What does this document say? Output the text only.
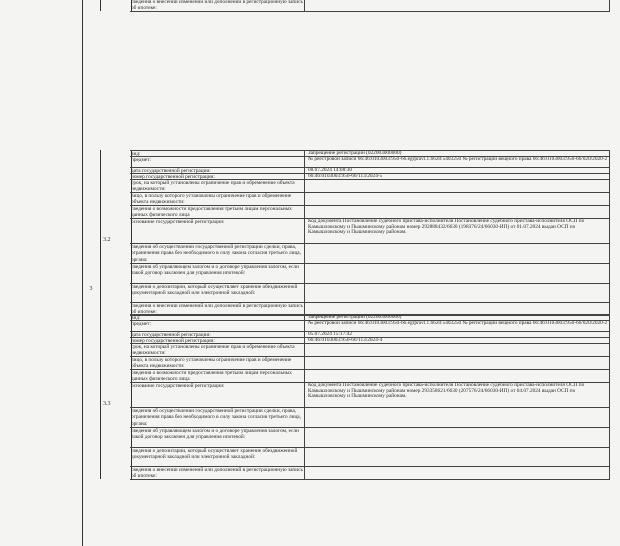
3
сведения о внесении изменений или дополнений в регистрационную запись об ипотеке:
3.2
вид:	Запрещение регистрации (022003000000)
предмет:	№ реестровой записи 66:46:0103003:950-66.egrpravl.1.6620:5403250 № регистрации вещного права 66:46:0103003:950-66/020/2020-2
дата государственной регистрации:	08.07.2024 14:08:30
номер государственной регистрации:	66:46:0103003:950-66/113/2024-5
срок, на который установлены ограничение прав и обременение объекта недвижимости:
лицо, в пользу которого установлены ограничение прав и обременение объекта недвижимости:
сведения о возможности предоставления третьим лицам персональных данных физического лица
основание государственной регистрации:	Код документа Постановление судебного пристава-исполнителя Постановление судебного пристава-исполнителя ОСП по Камышловскому и Пышминскому районам номер 292888432/6630 (198376/24/66030-ИП) от 01.07.2024 выдан ОСП по Камышловскому и Пышминскому районам.
сведения об осуществлении государственной регистрации сделки, права, ограничения права без необходимого в силу закона согласия третьего лица, органа:
сведения об управляющем залогом и о договоре управления залогом, если такой договор заключен для управления ипотекой:
сведения о депозитарии, который осуществляет хранение обездвиженной документарной закладной или электронной закладной:
сведения о внесении изменений или дополнений в регистрационную запись об ипотеке:
3.3
вид:	Запрещение регистрации (022003000000)
предмет:	№ реестровой записи 66:46:0103003:950-66.egrpravl.1.6620:5403250 № регистрации вещного права 66:46:0103003:950-66/020/2020-2
дата государственной регистрации:	05.07.2024 15:17:42
номер государственной регистрации:	66:46:0103003:950-66/113/2024-4
срок, на который установлены ограничение прав и обременение объекта недвижимости:
лицо, в пользу которого установлены ограничение прав и обременение объекта недвижимости:
сведения о возможности предоставления третьим лицам персональных данных физического лица
основание государственной регистрации:	Код документа Постановление судебного пристава-исполнителя Постановление судебного пристава-исполнителя ОСП по Камышловскому и Пышминскому районам номер 293358621/6630 (207576/24/66030-ИП) от 04.07.2024 выдан ОСП по Камышловскому и Пышминскому районам.
сведения об осуществлении государственной регистрации сделки, права, ограничения права без необходимого в силу закона согласия третьего лица, органа:
сведения об управляющем залогом и о договоре управления залогом, если такой договор заключен для управления ипотекой:
сведения о депозитарии, который осуществляет хранение обездвиженной документарной закладной или электронной закладной:
сведения о внесении изменений или дополнений в регистрационную запись об ипотеке:
